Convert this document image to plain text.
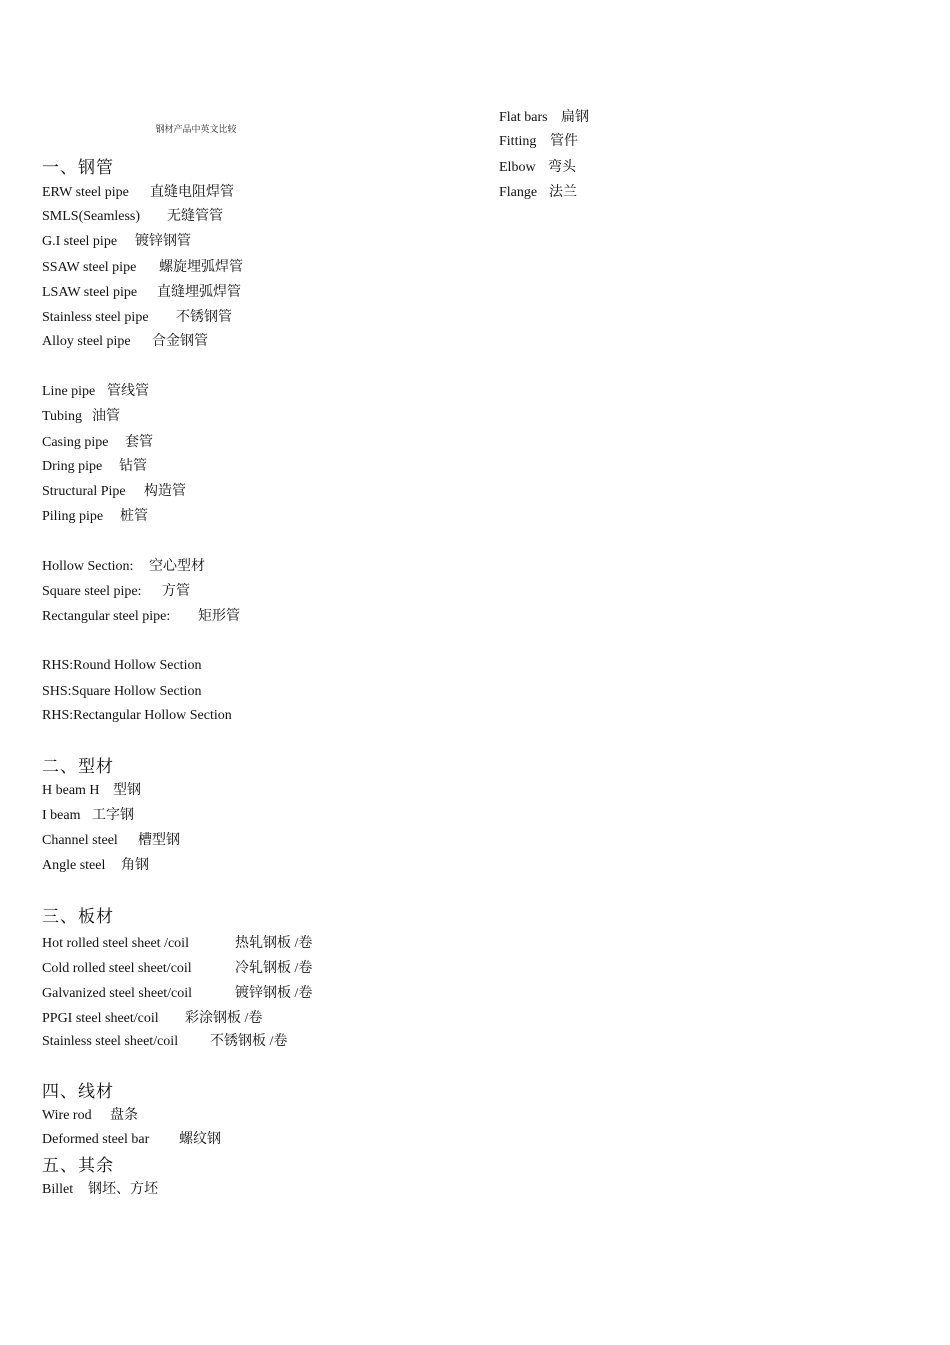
钢材产品中英文比较
一、钢管
ERW steel pipe 直缝电阻焊管
SMLS(Seamless) 无缝管管
G.I steel pipe 镀锌钢管
SSAW steel pipe 螺旋埋弧焊管
LSAW steel pipe 直缝埋弧焊管
Stainless steel pipe 不锈钢管
Alloy steel pipe 合金钢管
Line pipe 管线管
Tubing 油管
Casing pipe 套管
Dring pipe 钻管
Structural Pipe 构造管
Piling pipe 桩管
Hollow Section: 空心型材
Square steel pipe: 方管
Rectangular steel pipe: 矩形管
RHS:Round Hollow Section
SHS:Square Hollow Section
RHS:Rectangular Hollow Section
二、型材
H beam H 型钢
I beam 工字钢
Channel steel 槽型钢
Angle steel 角钢
三、板材
Hot rolled steel sheet /coil	热轧钢板 /卷
Cold rolled steel sheet/coil	冷轧钢板 /卷
Galvanized steel sheet/coil	镀锌钢板 /卷
PPGI steel sheet/coil 彩涂钢板 /卷
Stainless steel sheet/coil 不锈钢板 /卷
四、线材
Wire rod 盘条
Deformed steel bar 螺纹钢
五、其余
Billet 钢坯、方坯
Flat bars 扁钢
Fitting 管件
Elbow 弯头
Flange 法兰
